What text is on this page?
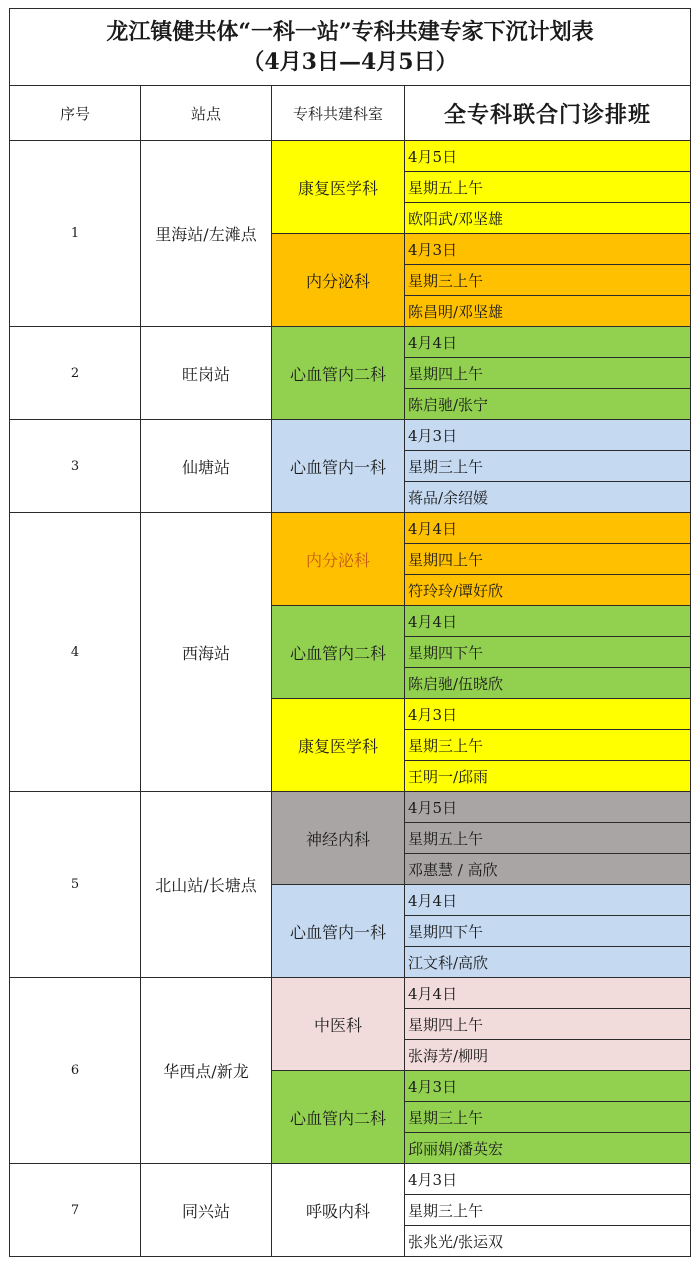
龙江镇健共体“一科一站”专科共建专家下沉计划表
（4月3日—4月5日）			

序号	站点	专科共建科室	全专科联合门诊排班
1	里海站/左滩点	康复医学科	4月5日
			星期五上午
			欧阳武/邓坚雄
		内分泌科	4月3日
			星期三上午
			陈昌明/邓坚雄
2	旺岗站	心血管内二科	4月4日
			星期四上午
			陈启驰/张宁
3	仙塘站	心血管内一科	4月3日
			星期三上午
			蒋品/余绍媛
4	西海站	内分泌科	4月4日
			星期四上午
			符玲玲/谭好欣
		心血管内二科	4月4日
			星期四下午
			陈启驰/伍晓欣
		康复医学科	4月3日
			星期三上午
			王明一/邱雨
5	北山站/长塘点	神经内科	4月5日
			星期五上午
			邓惠慧 / 高欣
		心血管内一科	4月4日
			星期四下午
			江文科/高欣
6	华西点/新龙	中医科	4月4日
			星期四上午
			张海芳/柳明
		心血管内二科	4月3日
			星期三上午
			邱丽娟/潘英宏
7	同兴站	呼吸内科	4月3日
			星期三上午
			张兆光/张运双
